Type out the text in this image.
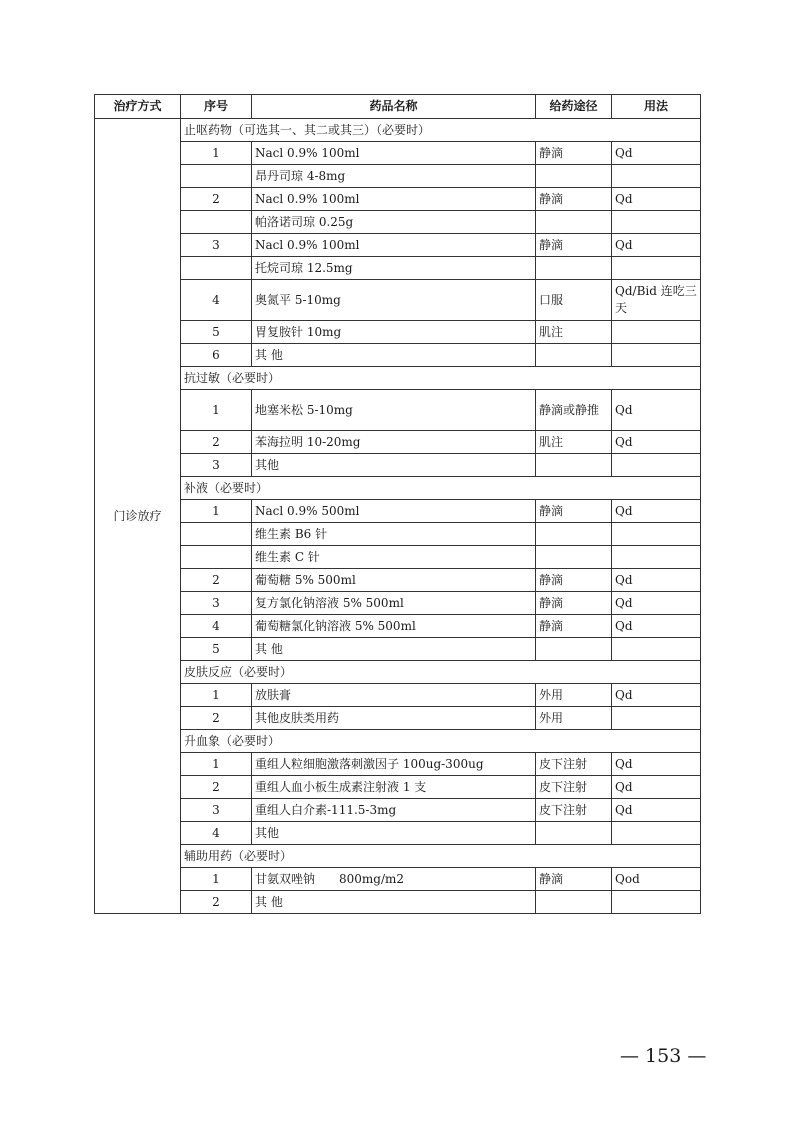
治疗方式	序号	药品名称	给药途径	用法
门诊放疗	止呕药物（可选其一、其二或其三）（必要时）			
	1	Nacl 0.9% 100ml	静滴	Qd
		昂丹司琼 4-8mg		
	2	Nacl 0.9% 100ml	静滴	Qd
		帕洛诺司琼 0.25g		
	3	Nacl 0.9% 100ml	静滴	Qd
		托烷司琼 12.5mg		
	4	奥氮平 5-10mg	口服	Qd/Bid 连吃三天
	5	胃复胺针 10mg	肌注	
	6	其 他		
	抗过敏（必要时）			
	1	地塞米松 5-10mg	静滴或静推	Qd
	2	苯海拉明 10-20mg	肌注	Qd
	3	其他		
	补液（必要时）			
	1	Nacl 0.9% 500ml	静滴	Qd
		维生素 B6 针		
		维生素 C 针		
	2	葡萄糖 5% 500ml	静滴	Qd
	3	复方氯化钠溶液 5% 500ml	静滴	Qd
	4	葡萄糖氯化钠溶液 5% 500ml	静滴	Qd
	5	其 他		
	皮肤反应（必要时）			
	1	放肤膏	外用	Qd
	2	其他皮肤类用药	外用	
	升血象（必要时）			
	1	重组人粒细胞激落刺激因子 100ug-300ug	皮下注射	Qd
	2	重组人血小板生成素注射液 1 支	皮下注射	Qd
	3	重组人白介素-111.5-3mg	皮下注射	Qd
	4	其他		
	辅助用药（必要时）			
	1	甘氨双唑钠　　800mg/m2	静滴	Qod
	2	其 他		
— 153 —
